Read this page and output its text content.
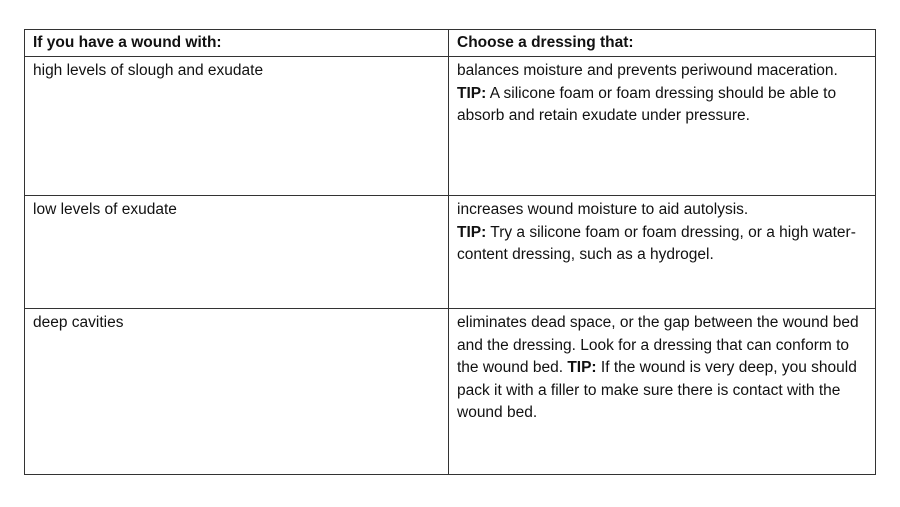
If you have a wound with:	Choose a dressing that:
high levels of slough and exudate	balances moisture and prevents periwound maceration.
TIP: A silicone foam or foam dressing should be able to absorb and retain exudate under pressure.

low levels of exudate	increases wound moisture to aid autolysis.
TIP: Try a silicone foam or foam dressing, or a high water-content dressing, such as a hydrogel.

deep cavities	eliminates dead space, or the gap between the wound bed and the dressing. Look for a dressing that can conform to the wound bed. TIP: If the wound is very deep, you should pack it with a filler to make sure there is contact with the wound bed.
